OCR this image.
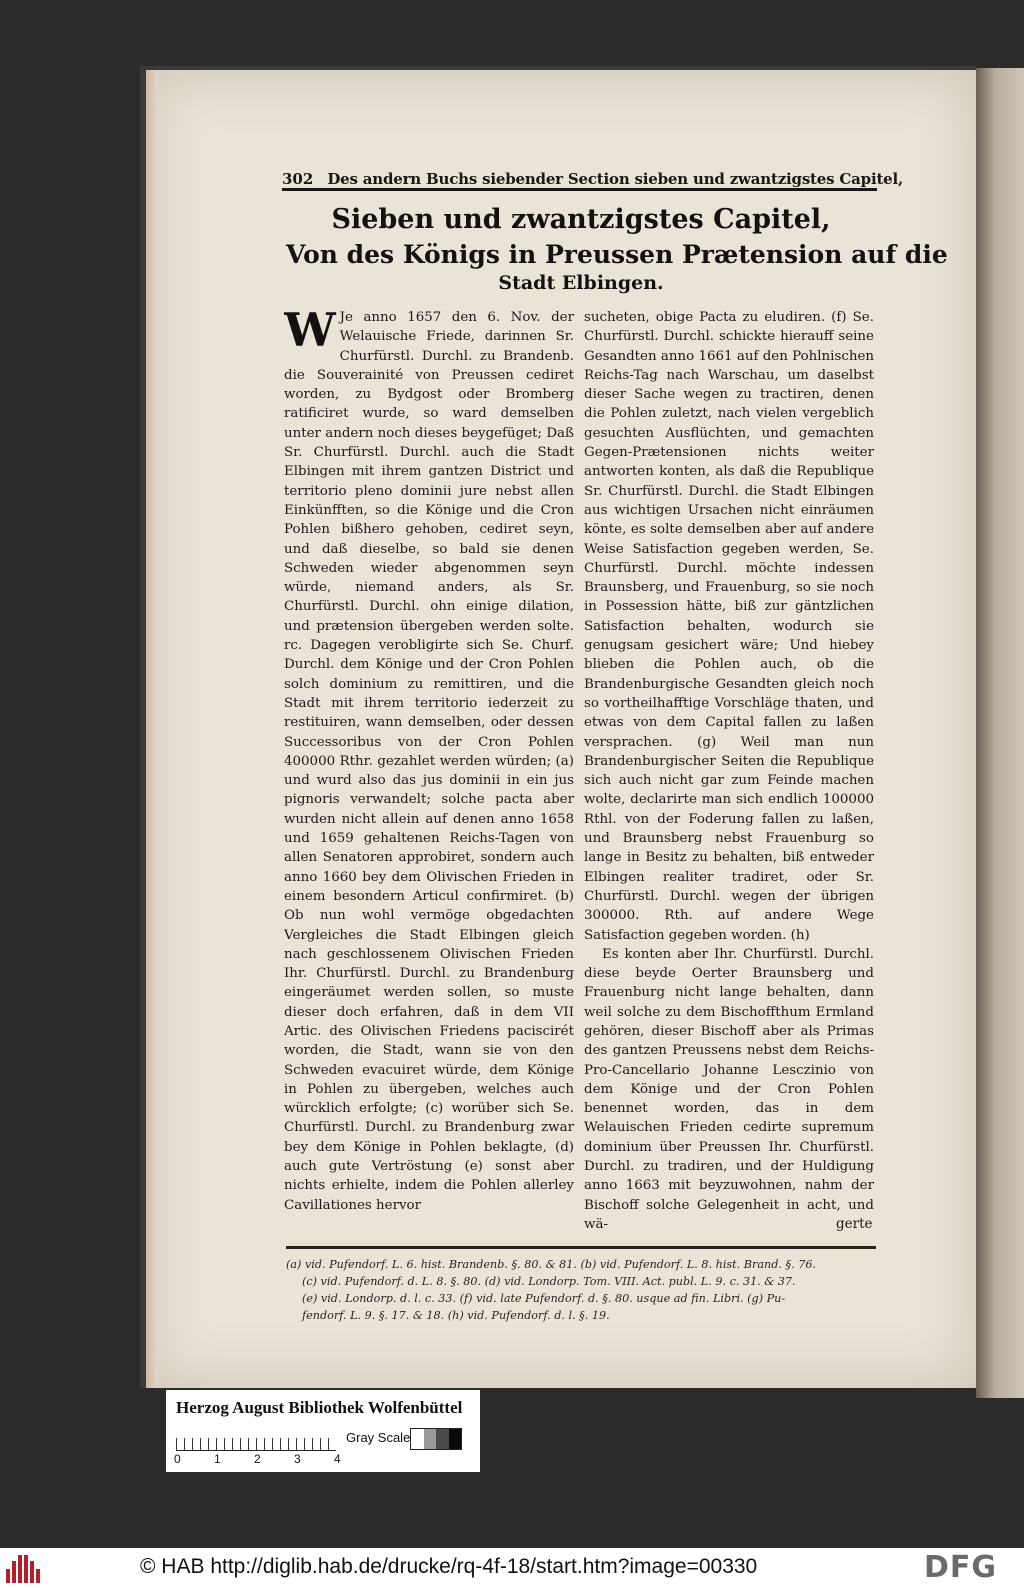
302 Des andern Buchs siebender Section sieben und zwantzigstes Capitel,
Sieben und zwantzigstes Capitel,
Von des Königs in Preussen Prætension auf die
Stadt Elbingen.

W Je anno 1657 den 6. Nov. der Welauische Friede, darinnen Sr. Churfürstl. Durchl. zu Brandenb. die Souverainité von Preussen cediret worden, zu Bydgost oder Bromberg ratificiret wurde, so ward demselben unter andern noch dieses beygefüget; Daß Sr. Churfürstl. Durchl. auch die Stadt Elbingen mit ihrem gantzen District und territorio pleno dominii jure nebst allen Einkünfften, so die Könige und die Cron Pohlen bißhero gehoben, cediret seyn, und daß dieselbe, so bald sie denen Schweden wieder abgenommen seyn würde, niemand anders, als Sr. Churfürstl. Durchl. ohn einige dilation, und prætension übergeben werden solte. rc. Dagegen verobligirte sich Se. Churf. Durchl. dem Könige und der Cron Pohlen solch dominium zu remittiren, und die Stadt mit ihrem territorio iederzeit zu restituiren, wann demselben, oder dessen Successoribus von der Cron Pohlen 400000 Rthr. gezahlet werden würden; (a) und wurd also das jus dominii in ein jus pignoris verwandelt; solche pacta aber wurden nicht allein auf denen anno 1658 und 1659 gehaltenen Reichs-Tagen von allen Senatoren approbiret, sondern auch anno 1660 bey dem Olivischen Frieden in einem besondern Articul confirmiret. (b) Ob nun wohl vermöge obgedachten Vergleiches die Stadt Elbingen gleich nach geschlossenem Olivischen Frieden Ihr. Churfürstl. Durchl. zu Brandenburg eingeräumet werden sollen, so muste dieser doch erfahren, daß in dem VII Artic. des Olivischen Friedens paciscirét worden, die Stadt, wann sie von den Schweden evacuiret würde, dem Könige in Pohlen zu übergeben, welches auch würcklich erfolgte; (c) worüber sich Se. Churfürstl. Durchl. zu Brandenburg zwar bey dem Könige in Pohlen beklagte, (d) auch gute Vertröstung (e) sonst aber nichts erhielte, indem die Pohlen allerley Cavillationes hervor

sucheten, obige Pacta zu eludiren. (f) Se. Churfürstl. Durchl. schickte hierauff seine Gesandten anno 1661 auf den Pohlnischen Reichs-Tag nach Warschau, um daselbst dieser Sache wegen zu tractiren, denen die Pohlen zuletzt, nach vielen vergeblich gesuchten Ausflüchten, und gemachten Gegen-Prætensionen nichts weiter antworten konten, als daß die Republique Sr. Churfürstl. Durchl. die Stadt Elbingen aus wichtigen Ursachen nicht einräumen könte, es solte demselben aber auf andere Weise Satisfaction gegeben werden, Se. Churfürstl. Durchl. möchte indessen Braunsberg, und Frauenburg, so sie noch in Possession hätte, biß zur gäntzlichen Satisfaction behalten, wodurch sie genugsam gesichert wäre; Und hiebey blieben die Pohlen auch, ob die Brandenburgische Gesandten gleich noch so vortheilhafftige Vorschläge thaten, und etwas von dem Capital fallen zu laßen versprachen. (g) Weil man nun Brandenburgischer Seiten die Republique sich auch nicht gar zum Feinde machen wolte, declarirte man sich endlich 100000 Rthl. von der Foderung fallen zu laßen, und Braunsberg nebst Frauenburg so lange in Besitz zu behalten, biß entweder Elbingen realiter tradiret, oder Sr. Churfürstl. Durchl. wegen der übrigen 300000. Rth. auf andere Wege Satisfaction gegeben worden. (h)

Es konten aber Ihr. Churfürstl. Durchl. diese beyde Oerter Braunsberg und Frauenburg nicht lange behalten, dann weil solche zu dem Bischoffthum Ermland gehören, dieser Bischoff aber als Primas des gantzen Preussens nebst dem Reichs-Pro-Cancellario Johanne Lesczinio von dem Könige und der Cron Pohlen benennet worden, das in dem Welauischen Frieden cedirte supremum dominium über Preussen Ihr. Churfürstl. Durchl. zu tradiren, und der Huldigung anno 1663 mit beyzuwohnen, nahm der Bischoff solche Gelegenheit in acht, und wä-	gerte
(a) vid. Pufendorf. L. 6. hist. Brandenb. §. 80. & 81. (b) vid. Pufendorf. L. 8. hist. Brand. §. 76.
(c) vid. Pufendorf. d. L. 8. §. 80. (d) vid. Londorp. Tom. VIII. Act. publ. L. 9. c. 31. & 37.
(e) vid. Londorp. d. l. c. 33. (f) vid. late Pufendorf. d. §. 80. usque ad fin. Libri. (g) Pu-
fendorf. L. 9. §. 17. & 18. (h) vid. Pufendorf. d. l. §. 19.
Herzog August Bibliothek Wolfenbüttel
0	1	2	3	4
Gray Scale
© HAB http://diglib.hab.de/drucke/rq-4f-18/start.htm?image=00330	DFG
